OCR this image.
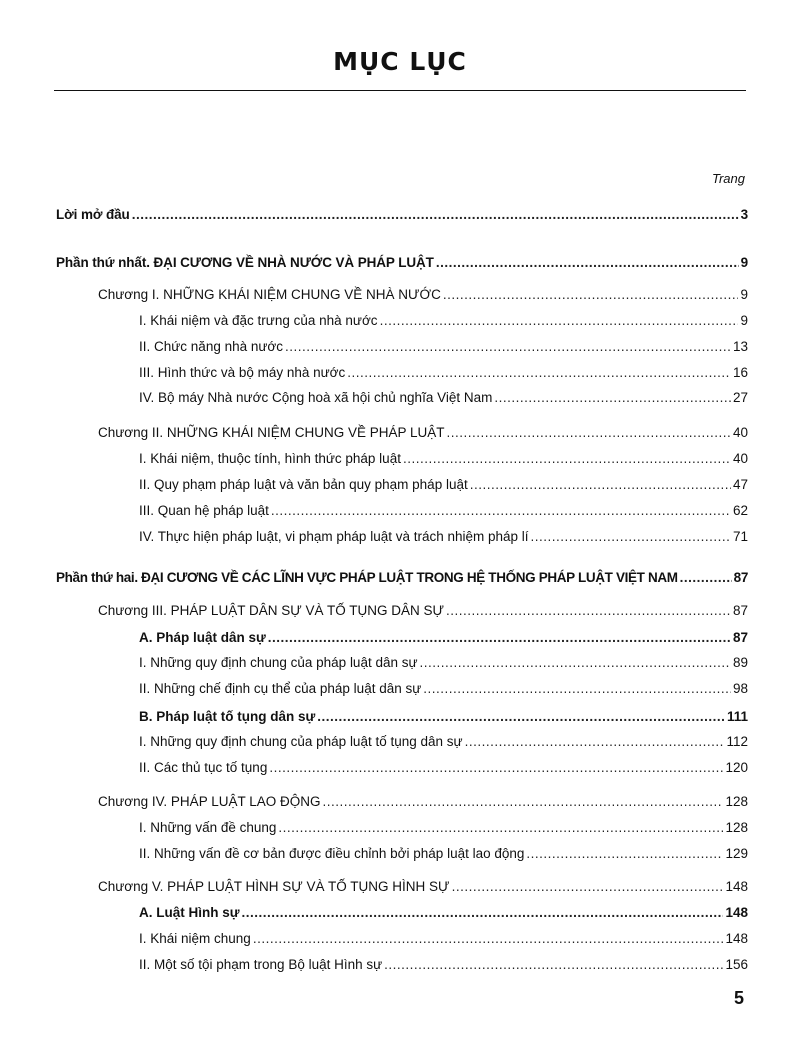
MỤC LỤC
Trang
Lời mở đầu .....	3
Phần thứ nhất. ĐẠI CƯƠNG VỀ NHÀ NƯỚC VÀ PHÁP LUẬT .....	9
Chương I. NHỮNG KHÁI NIỆM CHUNG VỀ NHÀ NƯỚC .....	9
I. Khái niệm và đặc trưng của nhà nước .....	9
II. Chức năng nhà nước .....	13
III. Hình thức và bộ máy nhà nước .....	16
IV. Bộ máy Nhà nước Cộng hoà xã hội chủ nghĩa Việt Nam .....	27
Chương II. NHỮNG KHÁI NIỆM CHUNG VỀ PHÁP LUẬT .....	40
I. Khái niệm, thuộc tính, hình thức pháp luật .....	40
II. Quy phạm pháp luật và văn bản quy phạm pháp luật .....	47
III. Quan hệ pháp luật .....	62
IV. Thực hiện pháp luật, vi phạm pháp luật và trách nhiệm pháp lí .....	71
Phần thứ hai. ĐẠI CƯƠNG VỀ CÁC LĨNH VỰC PHÁP LUẬT TRONG HỆ THỐNG PHÁP LUẬT VIỆT NAM .....	87
Chương III. PHÁP LUẬT DÂN SỰ VÀ TỐ TỤNG DÂN SỰ .....	87
A. Pháp luật dân sự .....	87
I. Những quy định chung của pháp luật dân sự .....	89
II. Những chế định cụ thể của pháp luật dân sự .....	98
B. Pháp luật tố tụng dân sự .....	111
I. Những quy định chung của pháp luật tố tụng dân sự .....	112
II. Các thủ tục tố tụng .....	120
Chương IV. PHÁP LUẬT LAO ĐỘNG .....	128
I. Những vấn đề chung .....	128
II. Những vấn đề cơ bản được điều chỉnh bởi pháp luật lao động .....	129
Chương V. PHÁP LUẬT HÌNH SỰ VÀ TỐ TỤNG HÌNH SỰ .....	148
A. Luật Hình sự .....	148
I. Khái niệm chung .....	148
II. Một số tội phạm trong Bộ luật Hình sự .....	156
5
